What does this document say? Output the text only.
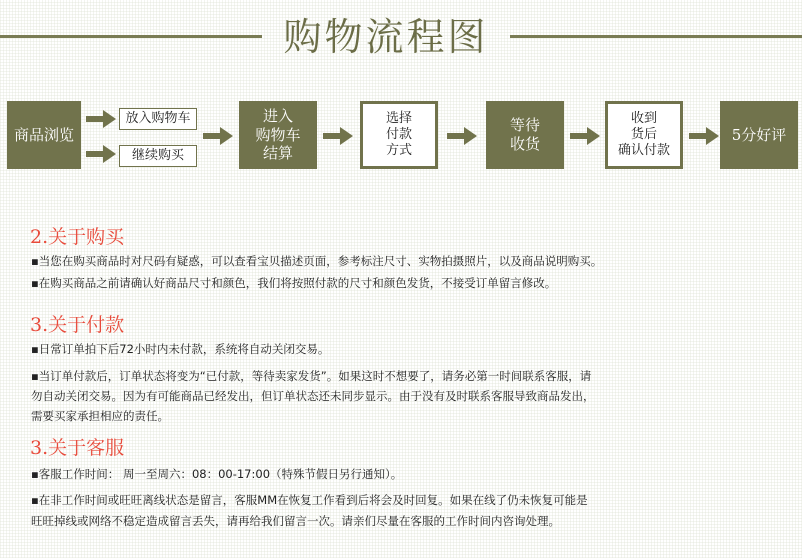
购物流程图
商品浏览
放入购物车
继续购买
进入
购物车
结算
选择
付款
方式
等待
收货
收到
货后
确认付款
5分好评
2.关于购买
▪当您在购买商品时对尺码有疑惑，可以查看宝贝描述页面，参考标注尺寸、实物拍摄照片，以及商品说明购买。
▪在购买商品之前请确认好商品尺寸和颜色，我们将按照付款的尺寸和颜色发货，不接受订单留言修改。
3.关于付款
▪日常订单拍下后72小时内未付款，系统将自动关闭交易。
▪当订单付款后，订单状态将变为“已付款，等待卖家发货”。如果这时不想要了，请务必第一时间联系客服，请
勿自动关闭交易。因为有可能商品已经发出，但订单状态还未同步显示。由于没有及时联系客服导致商品发出，
需要买家承担相应的责任。
3.关于客服
▪客服工作时间： 周一至周六：08：00-17:00（特殊节假日另行通知）。
▪在非工作时间或旺旺离线状态是留言，客服MM在恢复工作看到后将会及时回复。如果在线了仍未恢复可能是
旺旺掉线或网络不稳定造成留言丢失，请再给我们留言一次。请亲们尽量在客服的工作时间内咨询处理。
